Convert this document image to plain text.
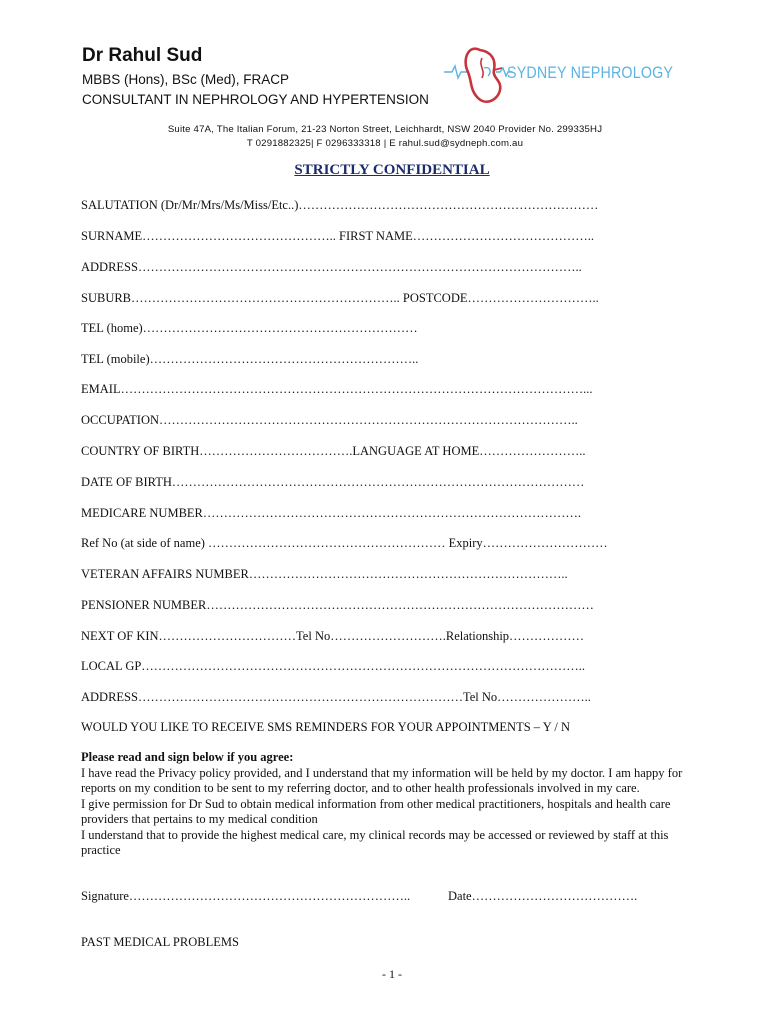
Dr Rahul Sud
MBBS (Hons), BSc (Med), FRACP
CONSULTANT IN NEPHROLOGY AND HYPERTENSION
SYDNEY NEPHROLOGY
Suite 47A, The Italian Forum, 21-23 Norton Street, Leichhardt, NSW 2040 Provider No. 299335HJ
T 0291882325| F 0296333318 | E rahul.sud@sydneph.com.au
STRICTLY CONFIDENTIAL
SALUTATION (Dr/Mr/Mrs/Ms/Miss/Etc..)………………………………………………………………
SURNAME……………………………………….. FIRST NAME……………………………………..
ADDRESS……………………………………………………………………………………………..
SUBURB……………………………………………………….. POSTCODE…………………………..
TEL (home)…………………………………………………………
TEL (mobile)………………………………………………………..
EMAIL…………………………………………………………………………………………………...
OCCUPATION………………………………………………………………………………………..
COUNTRY OF BIRTH……………………………….LANGUAGE AT HOME……………………..
DATE OF BIRTH………………………………………………………………………………………
MEDICARE NUMBER……………………………………………………………………………….
Ref No (at side of name) ………………………………………………… Expiry…………………………
VETERAN AFFAIRS NUMBER…………………………………………………………………..
PENSIONER NUMBER…………………………………………………………………………………
NEXT OF KIN……………………………Tel No……………………….Relationship………………
LOCAL GP……………………………………………………………………………………………..
ADDRESS……………………………………………………………………Tel No…………………..
WOULD YOU LIKE TO RECEIVE SMS REMINDERS FOR YOUR APPOINTMENTS – Y / N

Please read and sign below if you agree:

I have read the Privacy policy provided, and I understand that my information will be held by my doctor. I am happy for reports on my condition to be sent to my referring doctor, and to other health professionals involved in my care.

I give permission for Dr Sud to obtain medical information from other medical practitioners, hospitals and health care providers that pertains to my medical condition

I understand that to provide the highest medical care, my clinical records may be accessed or reviewed by staff at this practice

Signature…………………………………………………………..	Date………………………………….
PAST MEDICAL PROBLEMS
- 1 -
